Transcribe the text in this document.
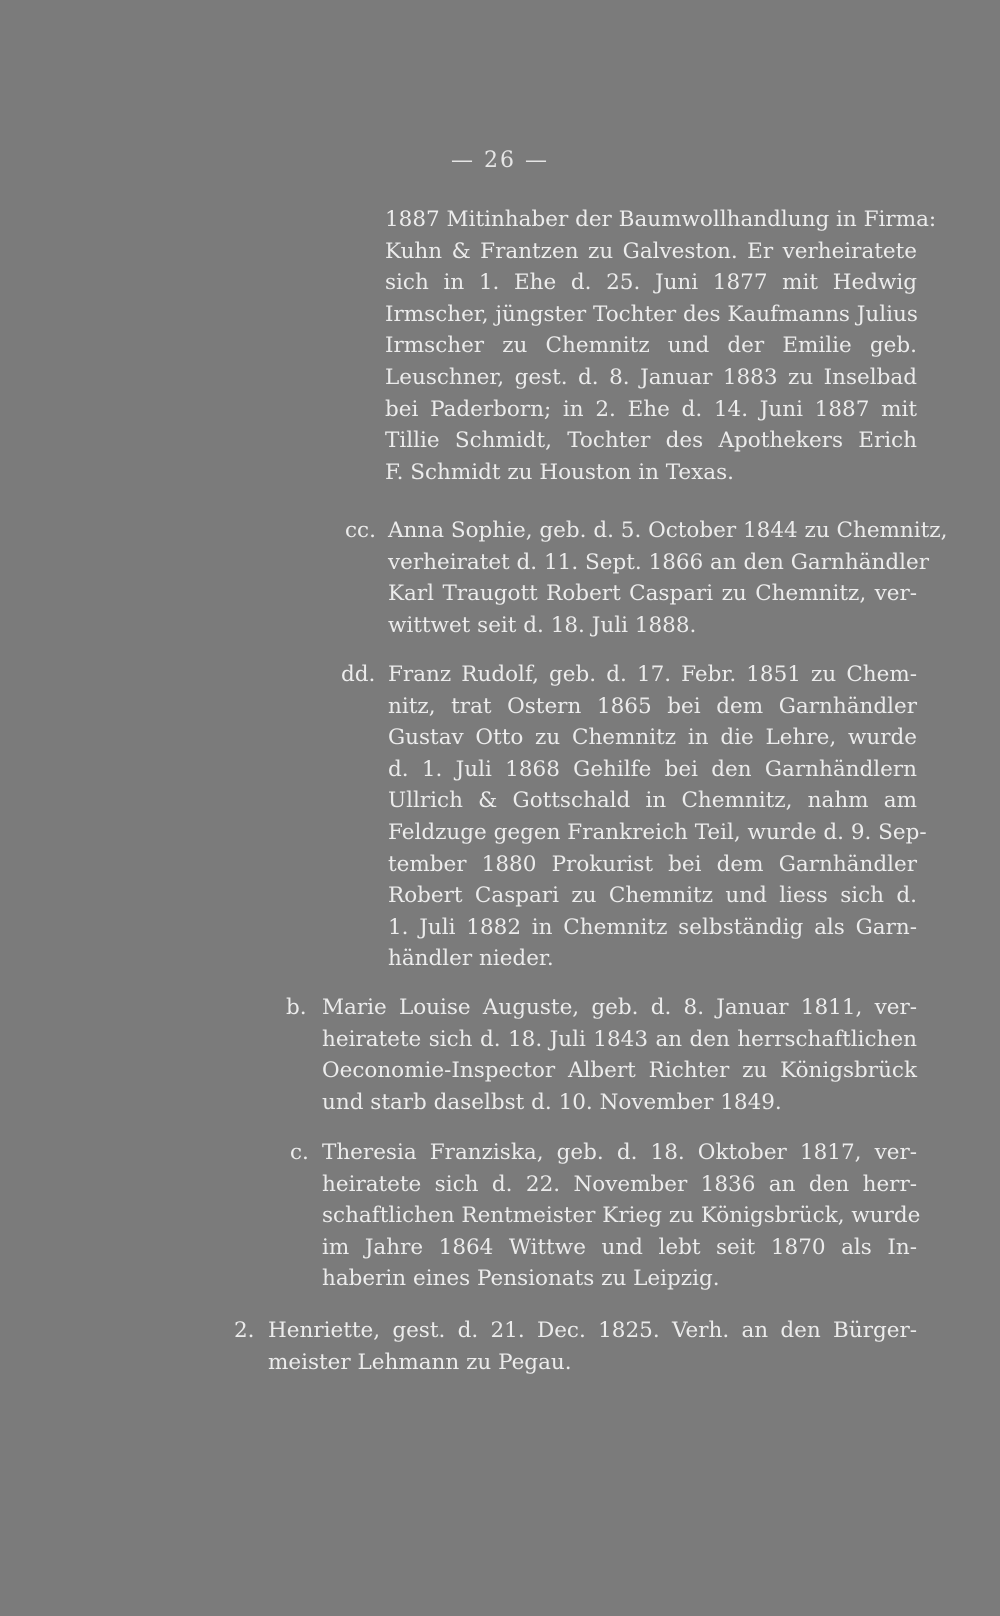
— 26 —
1887 Mitinhaber der Baumwollhandlung in Firma:
Kuhn & Frantzen zu Galveston. Er verheiratete
sich in 1. Ehe d. 25. Juni 1877 mit Hedwig
Irmscher, jüngster Tochter des Kaufmanns Julius
Irmscher zu Chemnitz und der Emilie geb.
Leuschner, gest. d. 8. Januar 1883 zu Inselbad
bei Paderborn; in 2. Ehe d. 14. Juni 1887 mit
Tillie Schmidt, Tochter des Apothekers Erich
F. Schmidt zu Houston in Texas.
cc. Anna Sophie, geb. d. 5. October 1844 zu Chemnitz,
verheiratet d. 11. Sept. 1866 an den Garnhändler
Karl Traugott Robert Caspari zu Chemnitz, ver-
wittwet seit d. 18. Juli 1888.
dd. Franz Rudolf, geb. d. 17. Febr. 1851 zu Chem-
nitz, trat Ostern 1865 bei dem Garnhändler
Gustav Otto zu Chemnitz in die Lehre, wurde
d. 1. Juli 1868 Gehilfe bei den Garnhändlern
Ullrich & Gottschald in Chemnitz, nahm am
Feldzuge gegen Frankreich Teil, wurde d. 9. Sep-
tember 1880 Prokurist bei dem Garnhändler
Robert Caspari zu Chemnitz und liess sich d.
1. Juli 1882 in Chemnitz selbständig als Garn-
händler nieder.
b. Marie Louise Auguste, geb. d. 8. Januar 1811, ver-
heiratete sich d. 18. Juli 1843 an den herrschaftlichen
Oeconomie-Inspector Albert Richter zu Königsbrück
und starb daselbst d. 10. November 1849.
c. Theresia Franziska, geb. d. 18. Oktober 1817, ver-
heiratete sich d. 22. November 1836 an den herr-
schaftlichen Rentmeister Krieg zu Königsbrück, wurde
im Jahre 1864 Wittwe und lebt seit 1870 als In-
haberin eines Pensionats zu Leipzig.
2. Henriette, gest. d. 21. Dec. 1825. Verh. an den Bürger-
meister Lehmann zu Pegau.
